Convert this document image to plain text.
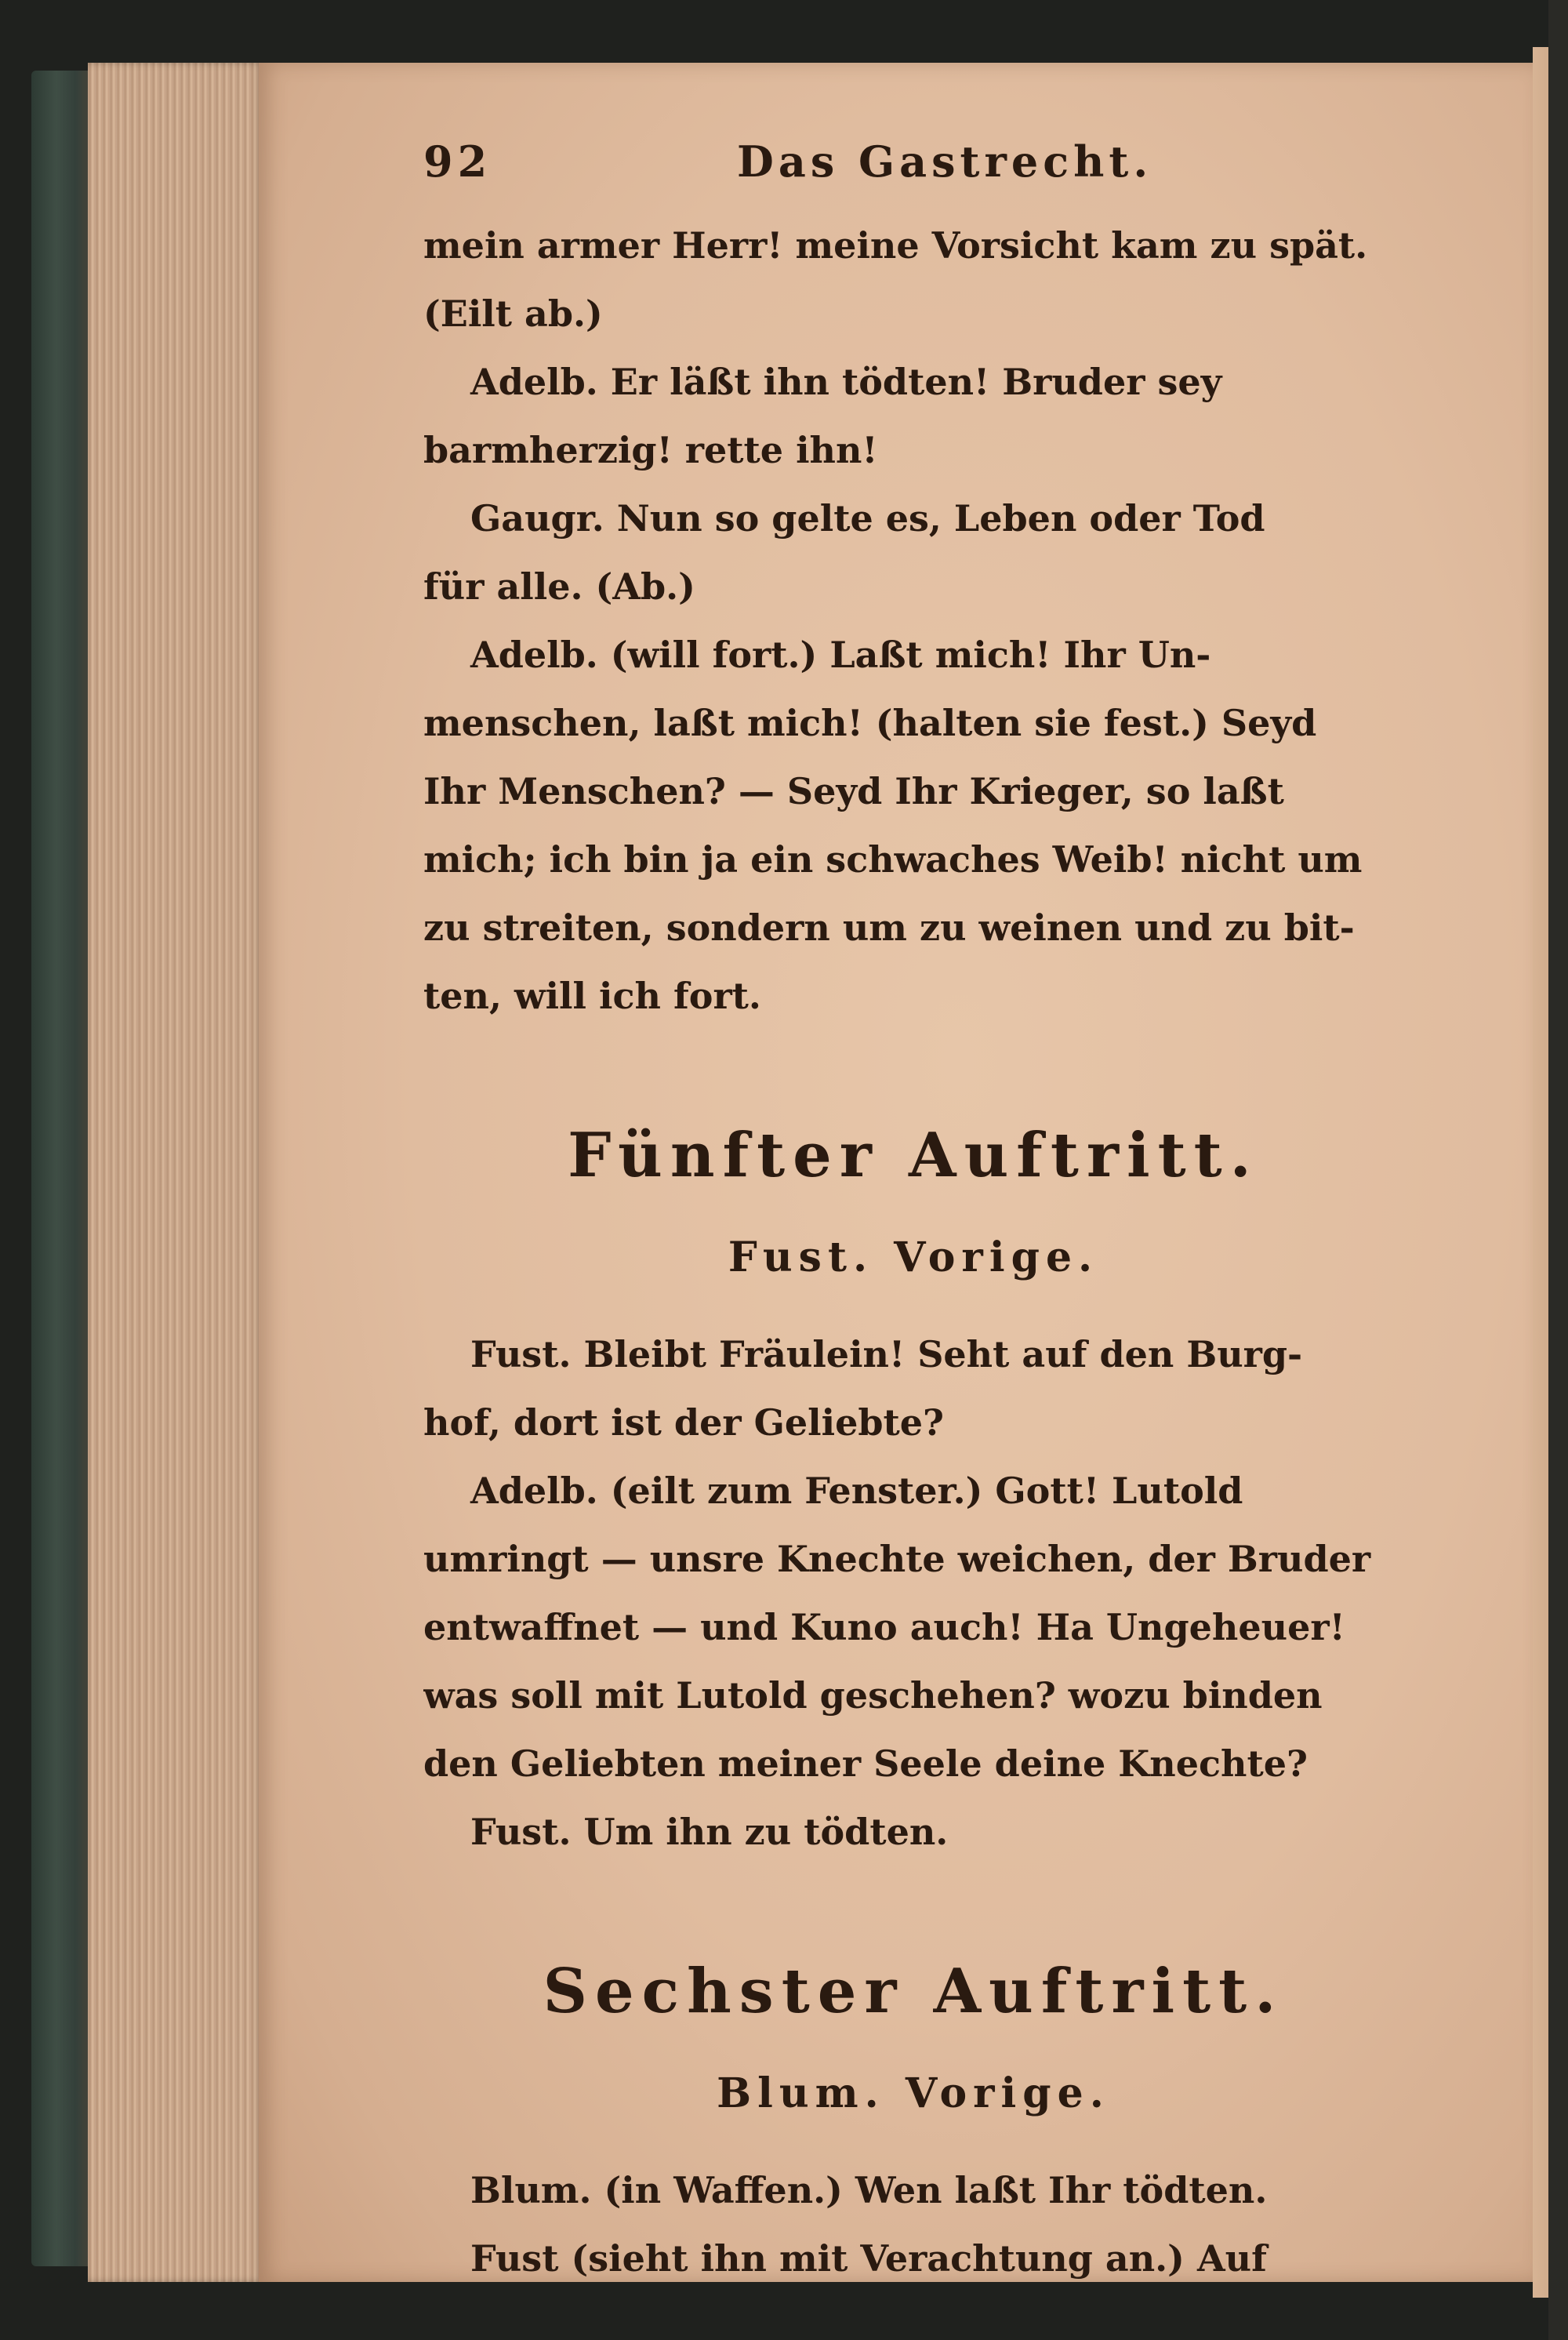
92	Das Gastrecht.
mein armer Herr! meine Vorsicht kam zu spät.
(Eilt ab.)
Adelb. Er läßt ihn tödten! Bruder sey
barmherzig! rette ihn!
Gaugr. Nun so gelte es, Leben oder Tod
für alle. (Ab.)
Adelb. (will fort.) Laßt mich! Ihr Un-
menschen, laßt mich! (halten sie fest.) Seyd
Ihr Menschen? — Seyd Ihr Krieger, so laßt
mich; ich bin ja ein schwaches Weib! nicht um
zu streiten, sondern um zu weinen und zu bit-
ten, will ich fort.
Fünfter Auftritt.
Fust. Vorige.
Fust. Bleibt Fräulein! Seht auf den Burg-
hof, dort ist der Geliebte?
Adelb. (eilt zum Fenster.) Gott! Lutold
umringt — unsre Knechte weichen, der Bruder
entwaffnet — und Kuno auch! Ha Ungeheuer!
was soll mit Lutold geschehen? wozu binden
den Geliebten meiner Seele deine Knechte?
Fust. Um ihn zu tödten.
Sechster Auftritt.
Blum. Vorige.
Blum. (in Waffen.) Wen laßt Ihr tödten.
Fust (sieht ihn mit Verachtung an.) Auf
